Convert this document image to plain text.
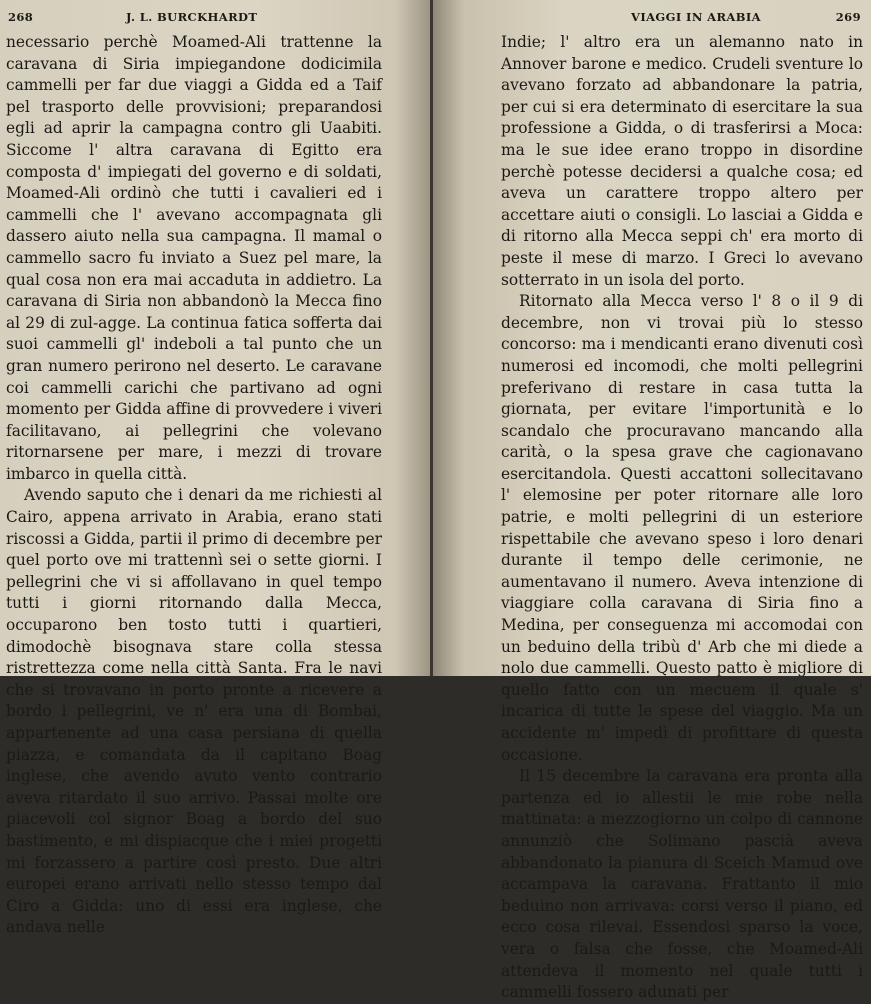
268	J. L. BURCKHARDT

necessario perchè Moamed-Ali trattenne la caravana di Siria impiegandone dodicimila cammelli per far due viaggi a Gidda ed a Taif pel trasporto delle provvisioni; preparandosi egli ad aprir la campagna contro gli Uaabiti. Siccome l' altra caravana di Egitto era composta d' impiegati del governo e di soldati, Moamed-Ali ordinò che tutti i cavalieri ed i cammelli che l' avevano accompagnata gli dassero aiuto nella sua campagna. Il mamal o cammello sacro fu inviato a Suez pel mare, la qual cosa non era mai accaduta in addietro. La caravana di Siria non abbandonò la Mecca fino al 29 di zul-agge. La continua fatica sofferta dai suoi cammelli gl' indeboli a tal punto che un gran numero perirono nel deserto. Le caravane coi cammelli carichi che partivano ad ogni momento per Gidda affine di provvedere i viveri facilitavano, ai pellegrini che volevano ritornarsene per mare, i mezzi di trovare imbarco in quella città.

Avendo saputo che i denari da me richiesti al Cairo, appena arrivato in Arabia, erano stati riscossi a Gidda, partii il primo di decembre per quel porto ove mi trattennì sei o sette giorni. I pellegrini che vi si affollavano in quel tempo tutti i giorni ritornando dalla Mecca, occuparono ben tosto tutti i quartieri, dimodochè bisognava stare colla stessa ristrettezza come nella città Santa. Fra le navi che si trovavano in porto pronte a ricevere a bordo i pellegrini, ve n' era una di Bombai, appartenente ad una casa persiana di quella piazza, e comandata da il capitano Boag inglese, che avendo avuto vento contrario aveva ritardato il suo arrivo. Passai molte ore piacevoli col signor Boag a bordo del suo bastimento, e mi dispiacque che i miei progetti mi forzassero a partire così presto. Due altri europei erano arrivati nello stesso tempo dal Ciro a Gidda: uno di essi era inglese, che andava nelle

VIAGGI IN ARABIA	269

Indie; l' altro era un alemanno nato in Annover barone e medico. Crudeli sventure lo avevano forzato ad abbandonare la patria, per cui si era determinato di esercitare la sua professione a Gidda, o di trasferirsi a Moca: ma le sue idee erano troppo in disordine perchè potesse decidersi a qualche cosa; ed aveva un carattere troppo altero per accettare aiuti o consigli. Lo lasciai a Gidda e di ritorno alla Mecca seppi ch' era morto di peste il mese di marzo. I Greci lo avevano sotterrato in un isola del porto.

Ritornato alla Mecca verso l' 8 o il 9 di decembre, non vi trovai più lo stesso concorso: ma i mendicanti erano divenuti così numerosi ed incomodi, che molti pellegrini preferivano di restare in casa tutta la giornata, per evitare l'importunità e lo scandalo che procuravano mancando alla carità, o la spesa grave che cagionavano esercitandola. Questi accattoni sollecitavano l' elemosine per poter ritornare alle loro patrie, e molti pellegrini di un esteriore rispettabile che avevano speso i loro denari durante il tempo delle cerimonie, ne aumentavano il numero. Aveva intenzione di viaggiare colla caravana di Siria fino a Medina, per conseguenza mi accomodai con un beduino della tribù d' Arb che mi diede a nolo due cammelli. Questo patto è migliore di quello fatto con un mecuem il quale s' incarica di tutte le spese del viaggio. Ma un accidente m' impedì di profittare di questa occasione.

Il 15 decembre la caravana era pronta alla partenza ed io allestii le mie robe nella mattinata: a mezzogiorno un colpo di cannone annunziò che Solimano pascià aveva abbandonato la pianura di Sceich Mamud ove accampava la caravana. Frattanto il mio beduino non arrivava: corsi verso il piano, ed ecco cosa rilevai. Essendosi sparso la voce, vera o falsa che fosse, che Moamed-Ali attendeva il momento nel quale tutti i cammelli fossero adunati per
